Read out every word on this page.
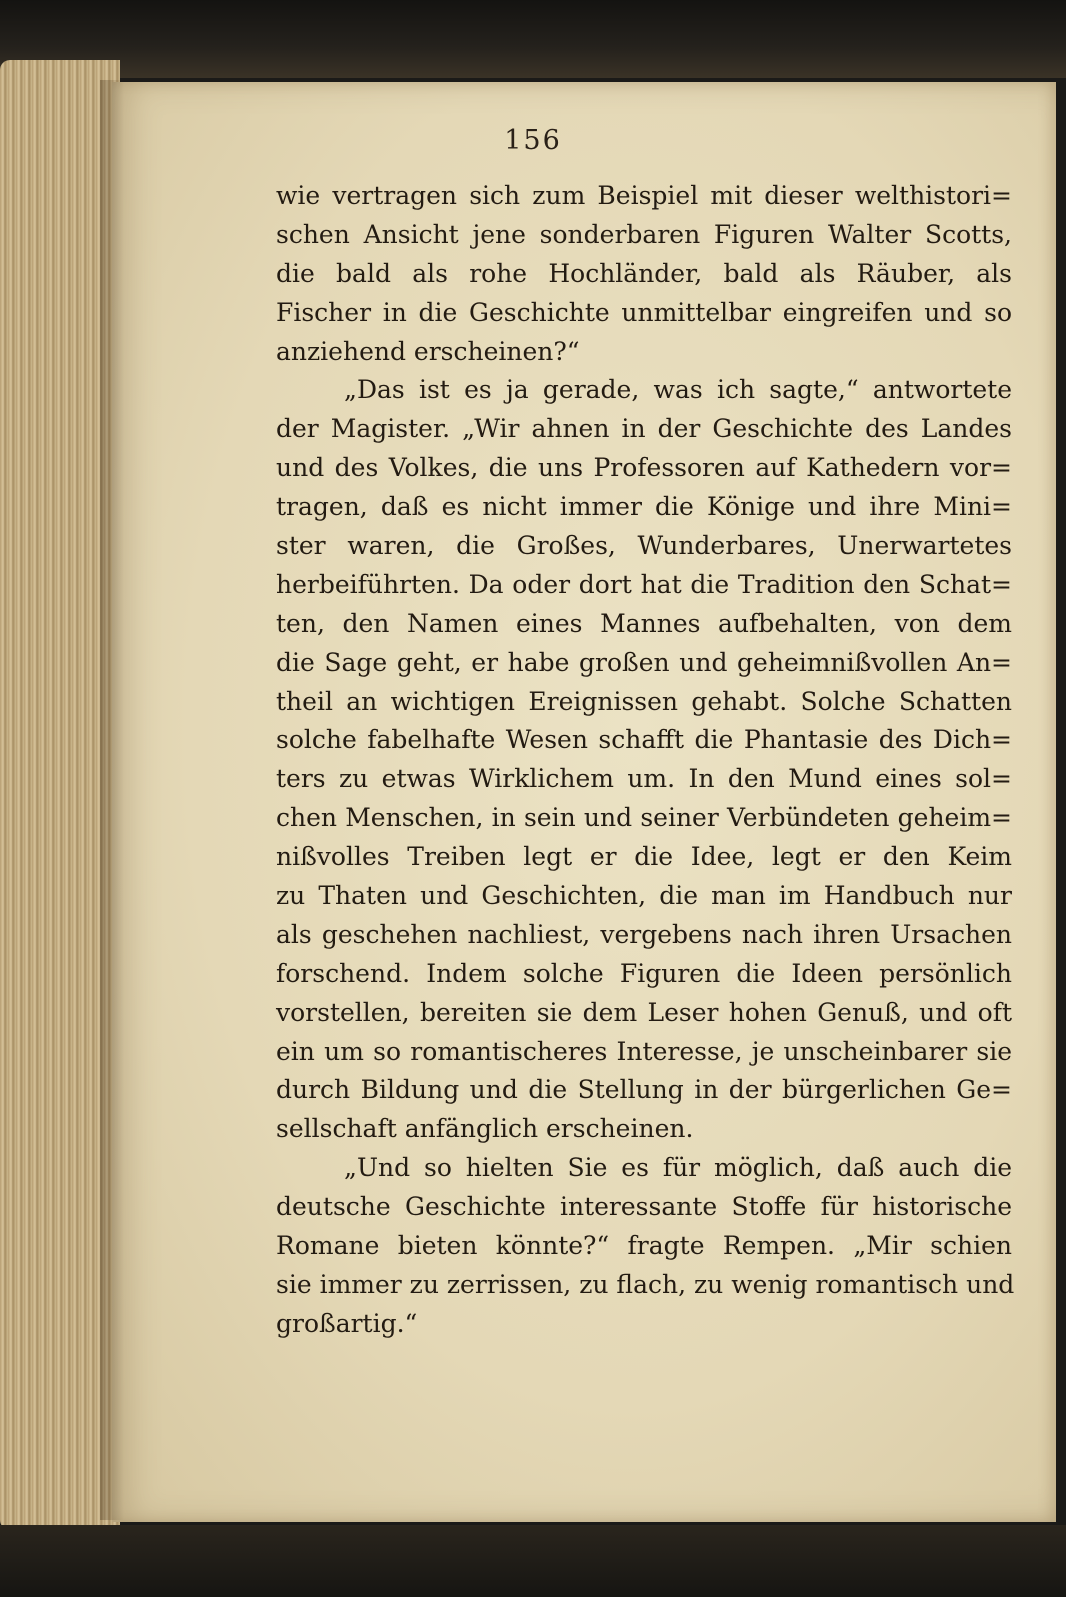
156
wie vertragen sich zum Beispiel mit dieser welthistori=
schen Ansicht jene sonderbaren Figuren Walter Scotts,
die bald als rohe Hochländer, bald als Räuber, als
Fischer in die Geschichte unmittelbar eingreifen und so
anziehend erscheinen?“
„Das ist es ja gerade, was ich sagte,“ antwortete
der Magister. „Wir ahnen in der Geschichte des Landes
und des Volkes, die uns Professoren auf Kathedern vor=
tragen, daß es nicht immer die Könige und ihre Mini=
ster waren, die Großes, Wunderbares, Unerwartetes
herbeiführten. Da oder dort hat die Tradition den Schat=
ten, den Namen eines Mannes aufbehalten, von dem
die Sage geht, er habe großen und geheimnißvollen An=
theil an wichtigen Ereignissen gehabt. Solche Schatten
solche fabelhafte Wesen schafft die Phantasie des Dich=
ters zu etwas Wirklichem um. In den Mund eines sol=
chen Menschen, in sein und seiner Verbündeten geheim=
nißvolles Treiben legt er die Idee, legt er den Keim
zu Thaten und Geschichten, die man im Handbuch nur
als geschehen nachliest, vergebens nach ihren Ursachen
forschend. Indem solche Figuren die Ideen persönlich
vorstellen, bereiten sie dem Leser hohen Genuß, und oft
ein um so romantischeres Interesse, je unscheinbarer sie
durch Bildung und die Stellung in der bürgerlichen Ge=
sellschaft anfänglich erscheinen.
„Und so hielten Sie es für möglich, daß auch die
deutsche Geschichte interessante Stoffe für historische
Romane bieten könnte?“ fragte Rempen. „Mir schien
sie immer zu zerrissen, zu flach, zu wenig romantisch und
großartig.“
